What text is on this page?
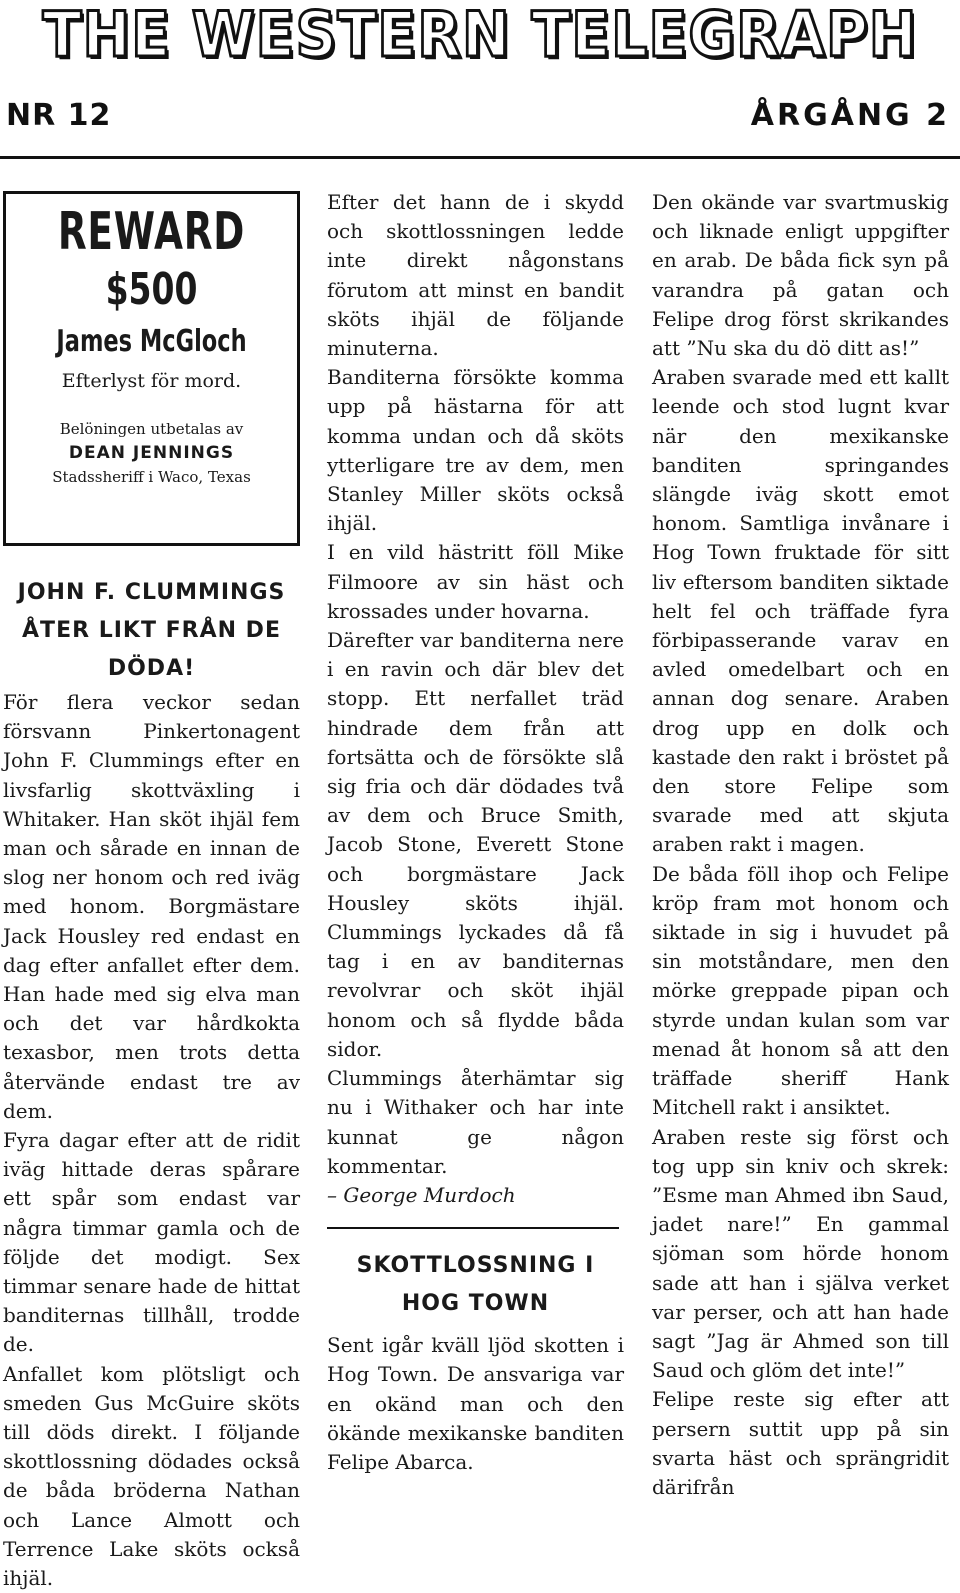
THE WESTERN TELEGRAPH
NR 12	ÅRGÅNG 2
REWARD
$500
James McGloch
Efterlyst för mord.
Belöningen utbetalas av
DEAN JENNINGS
Stadssheriff i Waco, Texas
JOHN F. CLUMMINGS ÅTER LIKT FRÅN DE DÖDA!

För flera veckor sedan försvann Pinkertonagent John F. Clummings efter en livsfarlig skottväxling i Whitaker. Han sköt ihjäl fem man och sårade en innan de slog ner honom och red iväg med honom. Borgmästare Jack Housley red endast en dag efter anfallet efter dem. Han hade med sig elva man och det var hårdkokta texasbor, men trots detta återvände endast tre av dem.

Fyra dagar efter att de ridit iväg hittade deras spårare ett spår som endast var några timmar gamla och de följde det modigt. Sex timmar senare hade de hittat banditernas tillhåll, trodde de.

Anfallet kom plötsligt och smeden Gus McGuire sköts till döds direkt. I följande skottlossning dödades också de båda bröderna Nathan och Lance Almott och Terrence Lake sköts också ihjäl.

Efter det hann de i skydd och skottlossningen ledde inte direkt någonstans förutom att minst en bandit sköts ihjäl de följande minuterna.

Banditerna försökte komma upp på hästarna för att komma undan och då sköts ytterligare tre av dem, men Stanley Miller sköts också ihjäl.

I en vild hästritt föll Mike Filmoore av sin häst och krossades under hovarna.

Därefter var banditerna nere i en ravin och där blev det stopp. Ett nerfallet träd hindrade dem från att fortsätta och de försökte slå sig fria och där dödades två av dem och Bruce Smith, Jacob Stone, Everett Stone och borgmästare Jack Housley sköts ihjäl. Clummings lyckades då få tag i en av banditernas revolvrar och sköt ihjäl honom och så flydde båda sidor.

Clummings återhämtar sig nu i Withaker och har inte kunnat ge någon kommentar.

– George Murdoch

SKOTTLOSSNING I HOG TOWN

Sent igår kväll ljöd skotten i Hog Town. De ansvariga var en okänd man och den ökände mexikanske banditen Felipe Abarca.

Den okände var svartmuskig och liknade enligt uppgifter en arab. De båda fick syn på varandra på gatan och Felipe drog först skrikandes att ”Nu ska du dö ditt as!”

Araben svarade med ett kallt leende och stod lugnt kvar när den mexikanske banditen springandes slängde iväg skott emot honom. Samtliga invånare i Hog Town fruktade för sitt liv eftersom banditen siktade helt fel och träffade fyra förbipasserande varav en avled omedelbart och en annan dog senare. Araben drog upp en dolk och kastade den rakt i bröstet på den store Felipe som svarade med att skjuta araben rakt i magen.

De båda föll ihop och Felipe kröp fram mot honom och siktade in sig i huvudet på sin motståndare, men den mörke greppade pipan och styrde undan kulan som var menad åt honom så att den träffade sheriff Hank Mitchell rakt i ansiktet.

Araben reste sig först och tog upp sin kniv och skrek: ”Esme man Ahmed ibn Saud, jadet nare!” En gammal sjöman som hörde honom sade att han i själva verket var perser, och att han hade sagt ”Jag är Ahmed son till Saud och glöm det inte!”

Felipe reste sig efter att persern suttit upp på sin svarta häst och sprängridit därifrån
